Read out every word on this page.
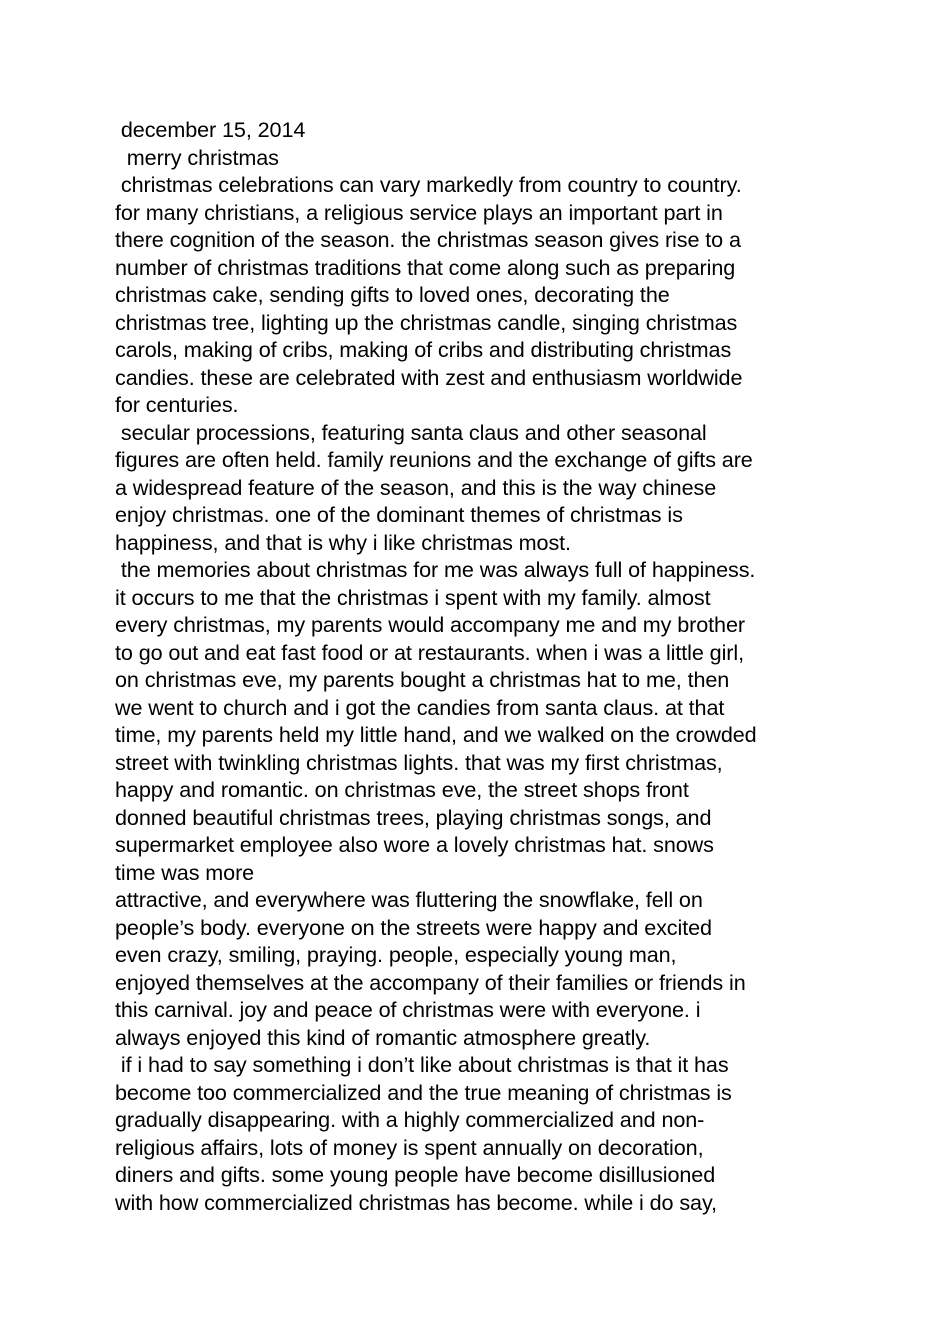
december 15, 2014
merry christmas
christmas celebrations can vary markedly from country to country.
for many christians, a religious service plays an important part in
there cognition of the season. the christmas season gives rise to a
number of christmas traditions that come along such as preparing
christmas cake, sending gifts to loved ones, decorating the
christmas tree, lighting up the christmas candle, singing christmas
carols, making of cribs, making of cribs and distributing christmas
candies. these are celebrated with zest and enthusiasm worldwide
for centuries.
secular processions, featuring santa claus and other seasonal
figures are often held. family reunions and the exchange of gifts are
a widespread feature of the season, and this is the way chinese
enjoy christmas. one of the dominant themes of christmas is
happiness, and that is why i like christmas most.
the memories about christmas for me was always full of happiness.
it occurs to me that the christmas i spent with my family. almost
every christmas, my parents would accompany me and my brother
to go out and eat fast food or at restaurants. when i was a little girl,
on christmas eve, my parents bought a christmas hat to me, then
we went to church and i got the candies from santa claus. at that
time, my parents held my little hand, and we walked on the crowded
street with twinkling christmas lights. that was my first christmas,
happy and romantic. on christmas eve, the street shops front
donned beautiful christmas trees, playing christmas songs, and
supermarket employee also wore a lovely christmas hat. snows
time was more
attractive, and everywhere was fluttering the snowflake, fell on
people’s body. everyone on the streets were happy and excited
even crazy, smiling, praying. people, especially young man,
enjoyed themselves at the accompany of their families or friends in
this carnival. joy and peace of christmas were with everyone. i
always enjoyed this kind of romantic atmosphere greatly.
if i had to say something i don’t like about christmas is that it has
become too commercialized and the true meaning of christmas is
gradually disappearing. with a highly commercialized and non-
religious affairs, lots of money is spent annually on decoration,
diners and gifts. some young people have become disillusioned
with how commercialized christmas has become. while i do say,
